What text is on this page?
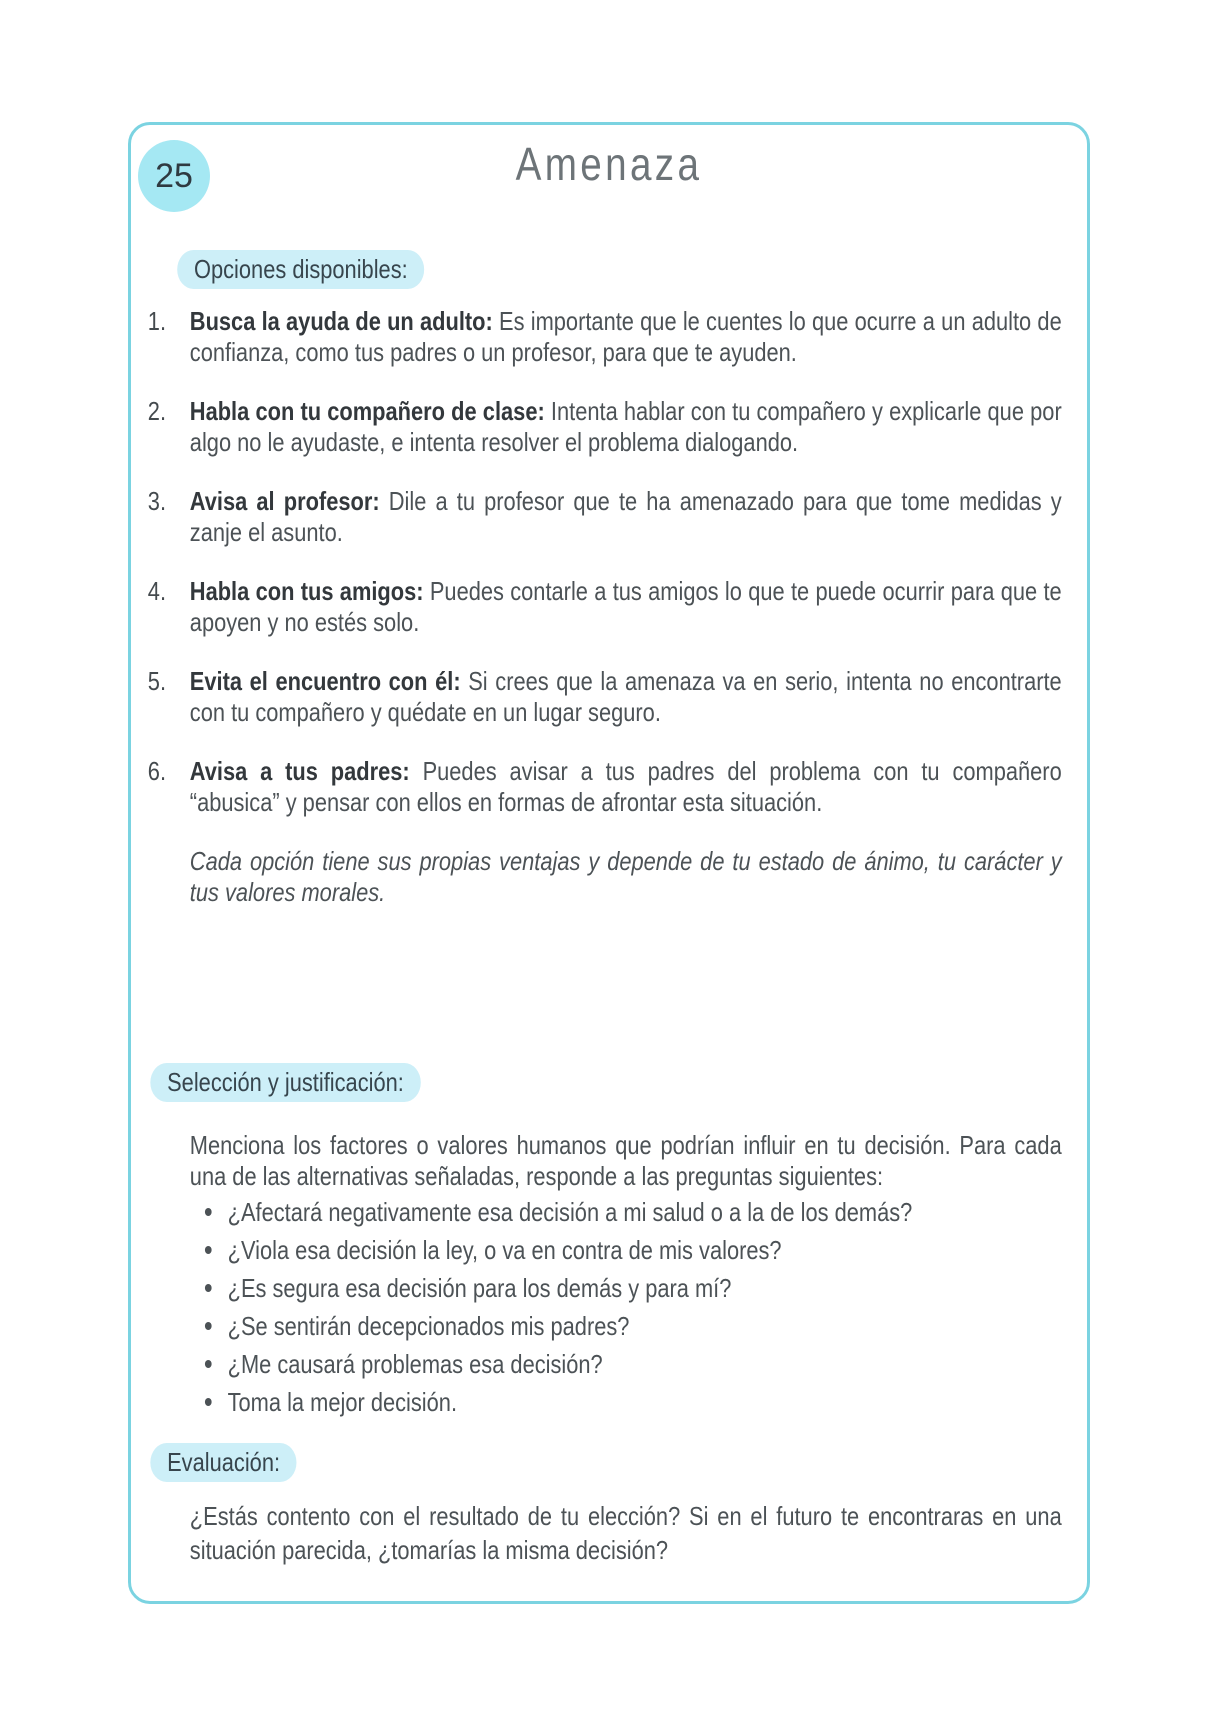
25	Amenaza
Opciones disponibles:
1. Busca la ayuda de un adulto: Es importante que le cuentes lo que ocurre a un adulto de confianza, como tus padres o un profesor, para que te ayuden.

2. Habla con tu compañero de clase: Intenta hablar con tu compañero y explicarle que por algo no le ayudaste, e intenta resolver el problema dialogando.

3. Avisa al profesor: Dile a tu profesor que te ha amenazado para que tome medidas y zanje el asunto.

4. Habla con tus amigos: Puedes contarle a tus amigos lo que te puede ocurrir para que te apoyen y no estés solo.

5. Evita el encuentro con él: Si crees que la amenaza va en serio, intenta no encontrarte con tu compañero y quédate en un lugar seguro.

6. Avisa a tus padres: Puedes avisar a tus padres del problema con tu compañero “abusica” y pensar con ellos en formas de afrontar esta situación.

Cada opción tiene sus propias ventajas y depende de tu estado de ánimo, tu carácter y tus valores morales.

Selección y justificación:

Menciona los factores o valores humanos que podrían influir en tu decisión. Para cada una de las alternativas señaladas, responde a las preguntas siguientes:

¿Afectará negativamente esa decisión a mi salud o a la de los demás?
¿Viola esa decisión la ley, o va en contra de mis valores?
¿Es segura esa decisión para los demás y para mí?
¿Se sentirán decepcionados mis padres?
¿Me causará problemas esa decisión?
Toma la mejor decisión.
Evaluación:

¿Estás contento con el resultado de tu elección? Si en el futuro te encontraras en una situación parecida, ¿tomarías la misma decisión?
